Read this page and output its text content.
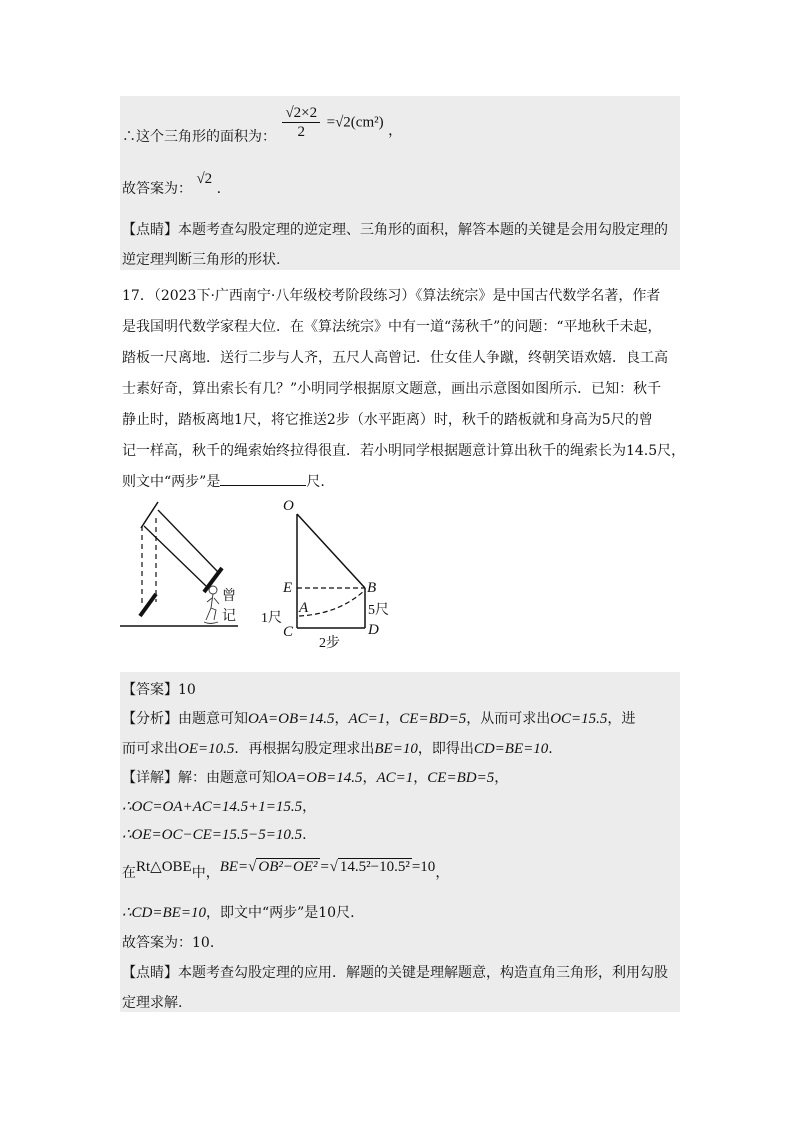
∴这个三角形的面积为： $\frac{√2\times 2}{2} =√2(cm^2)$ ，
故答案为： √2 .
【点睛】本题考查勾股定理的逆定理、三角形的面积，解答本题的关键是会用勾股定理的
逆定理判断三角形的形状.
17．（2023下·广西南宁·八年级校考阶段练习）《算法统宗》是中国古代数学名著，作者
是我国明代数学家程大位．在《算法统宗》中有一道“荡秋千”的问题：“平地秋千未起，
踏板一尺离地．送行二步与人齐，五尺人高曾记．仕女佳人争蹴，终朝笑语欢嬉．良工高
士素好奇，算出索长有几？”小明同学根据原文题意，画出示意图如图所示．已知：秋千
静止时，踏板离地1尺，将它推送2步（水平距离）时，秋千的踏板就和身高为5尺的曾
记一样高，秋千的绳索始终拉得很直．若小明同学根据题意计算出秋千的绳索长为14.5尺，
则文中“两步”是	尺.
曾
记
O
E	B
A
C	D
1尺
5尺
2步
【答案】10
【分析】由题意可知OA=OB=14.5，AC=1，CE=BD=5，从而可求出OC=15.5，进
而可求出OE=10.5．再根据勾股定理求出BE=10，即得出CD=BE=10.
【详解】解：由题意可知OA=OB=14.5，AC=1，CE=BD=5，
∴OC=OA+AC=14.5+1=15.5，
∴OE=OC−CE=15.5−5=10.5.
在Rt△OBE中，BE=√ OB²−OE² =√ 14.5²−10.5² =10，
∴CD=BE=10，即文中“两步”是10尺.
故答案为：10.
【点睛】本题考查勾股定理的应用．解题的关键是理解题意，构造直角三角形，利用勾股
定理求解.
